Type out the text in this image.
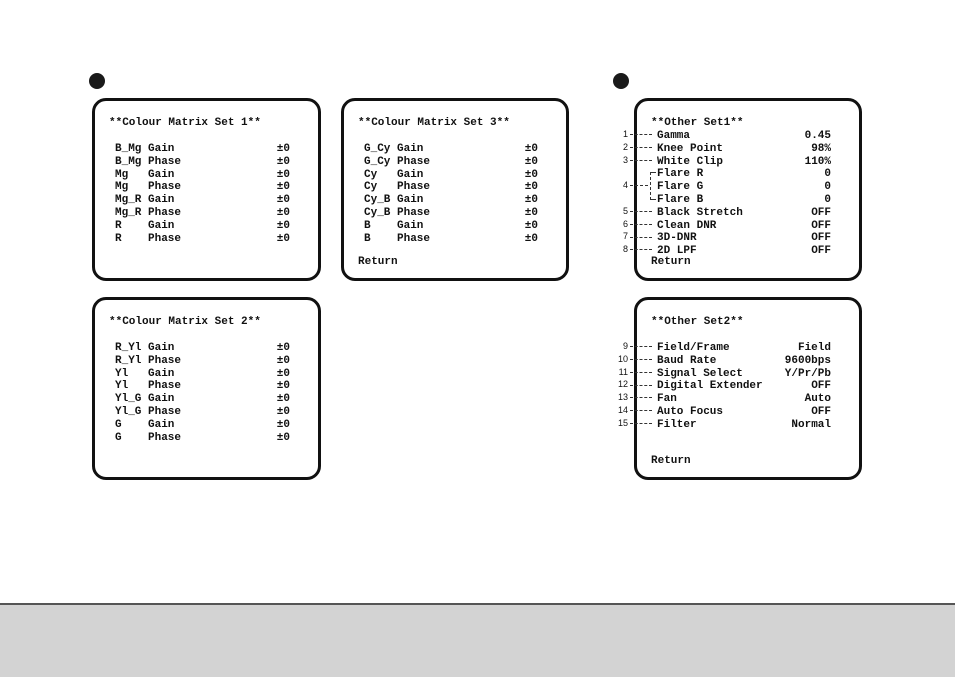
**Colour Matrix Set 1**
B_Mg Gain	±0
B_Mg Phase	±0
Mg   Gain	±0
Mg   Phase	±0
Mg_R Gain	±0
Mg_R Phase	±0
R    Gain	±0
R    Phase	±0
**Colour Matrix Set 3**
G_Cy Gain	±0
G_Cy Phase	±0
Cy   Gain	±0
Cy   Phase	±0
Cy_B Gain	±0
Cy_B Phase	±0
B    Gain	±0
B    Phase	±0
Return
**Colour Matrix Set 2**
R_Yl Gain	±0
R_Yl Phase	±0
Yl   Gain	±0
Yl   Phase	±0
Yl_G Gain	±0
Yl_G Phase	±0
G    Gain	±0
G    Phase	±0
**Other Set1**
Gamma	0.45
Knee Point	98%
White Clip	110%
Flare R	0
Flare G	0
Flare B	0
Black Stretch	OFF
Clean DNR	OFF
3D-DNR	OFF
2D LPF	OFF
Return
1
2
3
4
5
6
7
8
**Other Set2**
Field/Frame	Field
Baud Rate	9600bps
Signal Select	Y/Pr/Pb
Digital Extender	OFF
Fan	Auto
Auto Focus	OFF
Filter	Normal
Return
9
10
11
12
13
14
15
